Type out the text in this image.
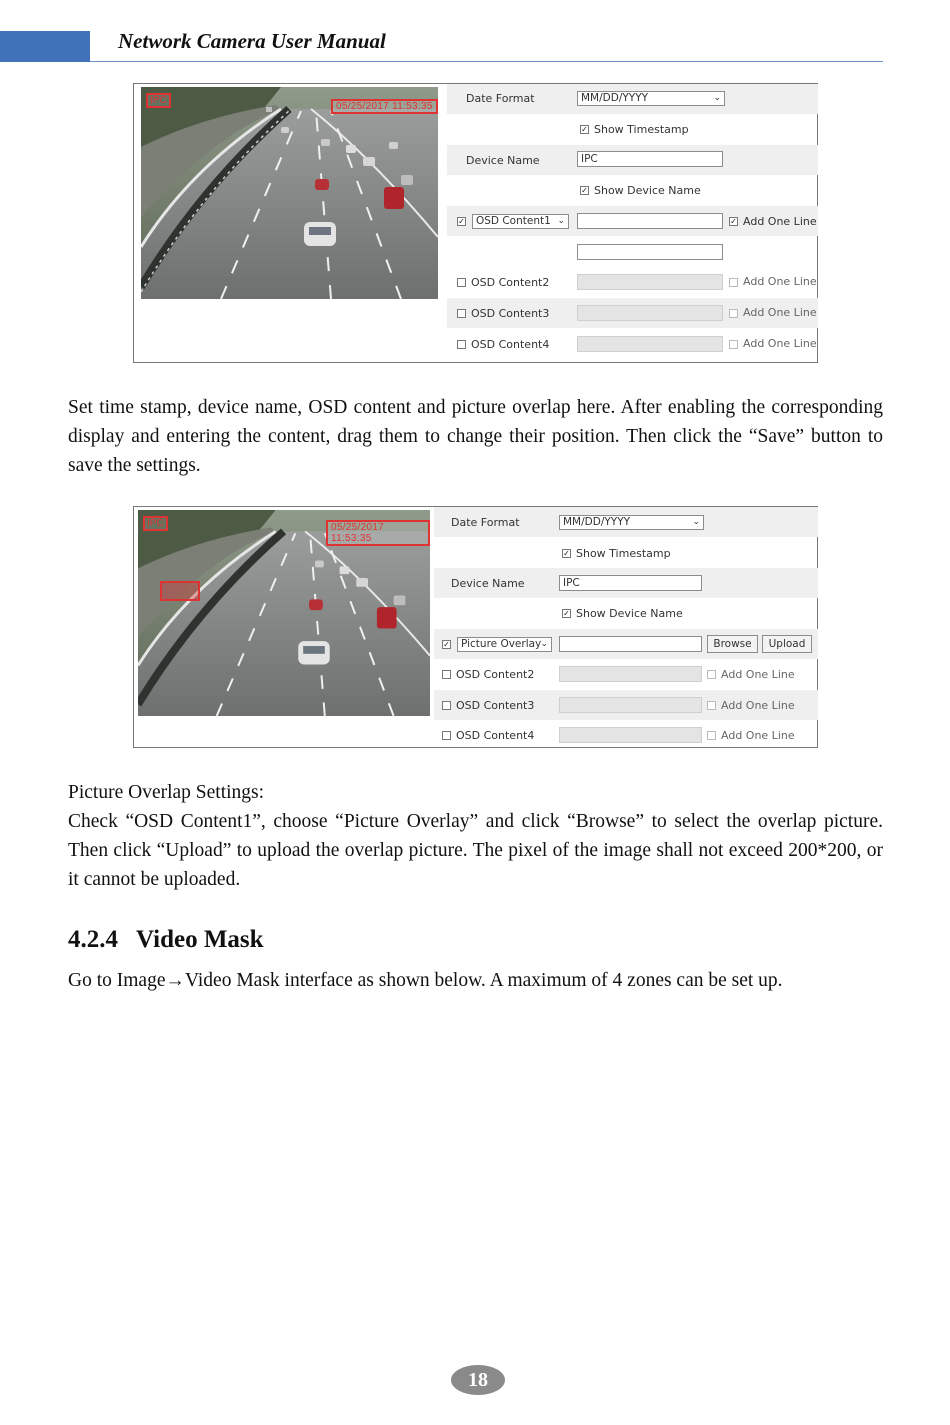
Network Camera User Manual
IPC
05/25/2017 11:53:35
Date Format	MM/DD/YYYY	⌄
✓ Show Timestamp
Device Name	IPC
✓ Show Device Name
✓	OSD Content1 ⌄	✓ Add One Line
OSD Content2	Add One Line
OSD Content3	Add One Line
OSD Content4	Add One Line

Set time stamp, device name, OSD content and picture overlap here. After enabling the corresponding display and entering the content, drag them to change their position. Then click the “Save” button to save the settings.

IPC	05/25/2017 11:53:35
Date Format	MM/DD/YYYY	⌄
✓ Show Timestamp
Device Name	IPC
✓ Show Device Name
✓	Picture Overlay ⌄	Browse	Upload
OSD Content2	Add One Line
OSD Content3	Add One Line
OSD Content4	Add One Line

Picture Overlap Settings:

Check “OSD Content1”, choose “Picture Overlay” and click “Browse” to select the overlap picture. Then click “Upload” to upload the overlap picture. The pixel of the image shall not exceed 200*200, or it cannot be uploaded.

4.2.4 Video Mask

Go to Image→Video Mask interface as shown below. A maximum of 4 zones can be set up.

18
